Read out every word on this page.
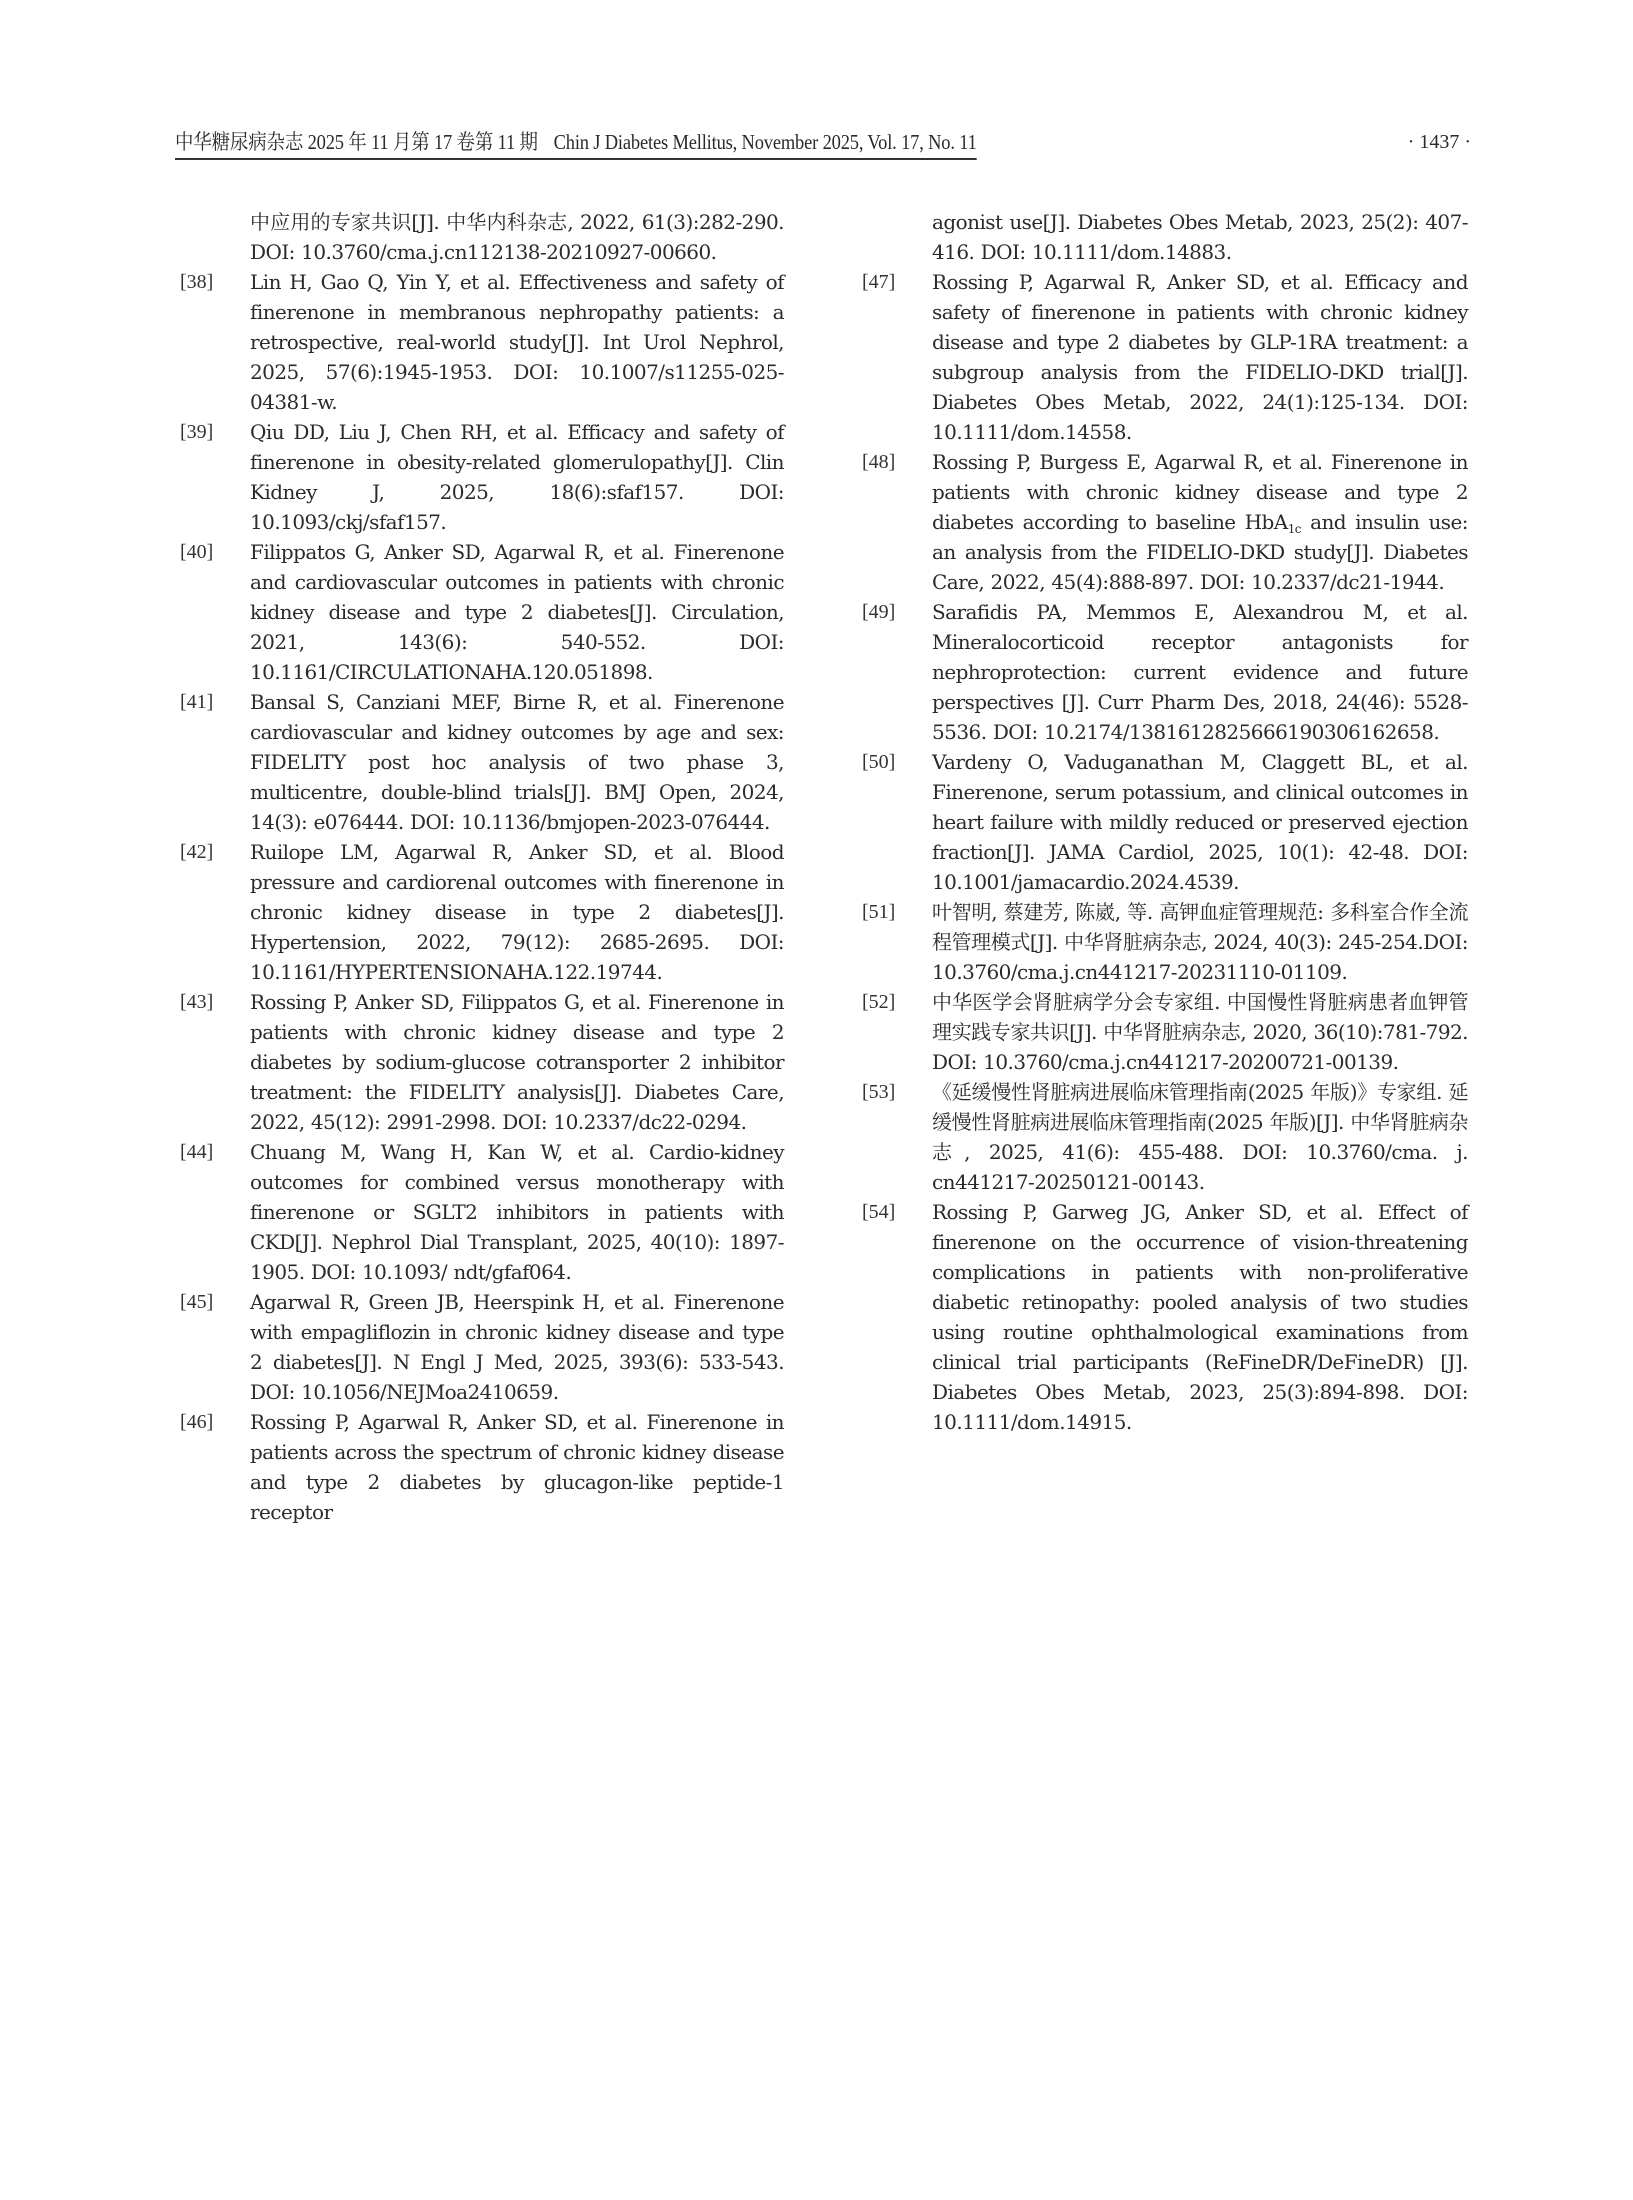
中华糖尿病杂志 2025 年 11 月第 17 卷第 11 期 Chin J Diabetes Mellitus, November 2025, Vol. 17, No. 11	· 1437 ·
中应用的专家共识[J]. 中华内科杂志, 2022, 61(3):282-290. DOI: 10.3760/cma.j.cn112138-20210927-00660.
[38]	Lin H, Gao Q, Yin Y, et al. Effectiveness and safety of finerenone in membranous nephropathy patients: a retrospective, real-world study[J]. Int Urol Nephrol, 2025, 57(6):1945-1953. DOI: 10.1007/s11255-025-04381-w.
[39]	Qiu DD, Liu J, Chen RH, et al. Efficacy and safety of finerenone in obesity-related glomerulopathy[J]. Clin Kidney J, 2025, 18(6):sfaf157. DOI: 10.1093/ckj/sfaf157.
[40]	Filippatos G, Anker SD, Agarwal R, et al. Finerenone and cardiovascular outcomes in patients with chronic kidney disease and type 2 diabetes[J]. Circulation, 2021, 143(6): 540-552. DOI: 10.1161/CIRCULATIONAHA.120.051898.
[41]	Bansal S, Canziani MEF, Birne R, et al. Finerenone cardiovascular and kidney outcomes by age and sex: FIDELITY post hoc analysis of two phase 3, multicentre, double-blind trials[J]. BMJ Open, 2024, 14(3): e076444. DOI: 10.1136/bmjopen-2023-076444.
[42]	Ruilope LM, Agarwal R, Anker SD, et al. Blood pressure and cardiorenal outcomes with finerenone in chronic kidney disease in type 2 diabetes[J]. Hypertension, 2022, 79(12): 2685-2695. DOI: 10.1161/HYPERTENSIONAHA.122.19744.
[43]	Rossing P, Anker SD, Filippatos G, et al. Finerenone in patients with chronic kidney disease and type 2 diabetes by sodium-glucose cotransporter 2 inhibitor treatment: the FIDELITY analysis[J]. Diabetes Care, 2022, 45(12): 2991-2998. DOI: 10.2337/dc22-0294.
[44]	Chuang M, Wang H, Kan W, et al. Cardio-kidney outcomes for combined versus monotherapy with finerenone or SGLT2 inhibitors in patients with CKD[J]. Nephrol Dial Transplant, 2025, 40(10): 1897-1905. DOI: 10.1093/ ndt/gfaf064.
[45]	Agarwal R, Green JB, Heerspink H, et al. Finerenone with empagliflozin in chronic kidney disease and type 2 diabetes[J]. N Engl J Med, 2025, 393(6): 533-543. DOI: 10.1056/NEJMoa2410659.
[46]	Rossing P, Agarwal R, Anker SD, et al. Finerenone in patients across the spectrum of chronic kidney disease and type 2 diabetes by glucagon-like peptide-1 receptor
agonist use[J]. Diabetes Obes Metab, 2023, 25(2): 407-416. DOI: 10.1111/dom.14883.
[47]	Rossing P, Agarwal R, Anker SD, et al. Efficacy and safety of finerenone in patients with chronic kidney disease and type 2 diabetes by GLP-1RA treatment: a subgroup analysis from the FIDELIO-DKD trial[J]. Diabetes Obes Metab, 2022, 24(1):125-134. DOI: 10.1111/dom.14558.
[48]	Rossing P, Burgess E, Agarwal R, et al. Finerenone in patients with chronic kidney disease and type 2 diabetes according to baseline HbA$_{1c}$ and insulin use: an analysis from the FIDELIO-DKD study[J]. Diabetes Care, 2022, 45(4):888-897. DOI: 10.2337/dc21-1944.
[49]	Sarafidis PA, Memmos E, Alexandrou M, et al. Mineralocorticoid receptor antagonists for nephroprotection: current evidence and future perspectives [J]. Curr Pharm Des, 2018, 24(46): 5528-5536. DOI: 10.2174/1381612825666190306162658.
[50]	Vardeny O, Vaduganathan M, Claggett BL, et al. Finerenone, serum potassium, and clinical outcomes in heart failure with mildly reduced or preserved ejection fraction[J]. JAMA Cardiol, 2025, 10(1): 42-48. DOI: 10.1001/jamacardio.2024.4539.
[51]	叶智明, 蔡建芳, 陈崴, 等. 高钾血症管理规范: 多科室合作全流程管理模式[J]. 中华肾脏病杂志, 2024, 40(3): 245-254.DOI: 10.3760/cma.j.cn441217-20231110-01109.
[52]	中华医学会肾脏病学分会专家组. 中国慢性肾脏病患者血钾管理实践专家共识[J]. 中华肾脏病杂志, 2020, 36(10):781-792. DOI: 10.3760/cma.j.cn441217-20200721-00139.
[53]	《延缓慢性肾脏病进展临床管理指南(2025 年版)》专家组. 延缓慢性肾脏病进展临床管理指南(2025 年版)[J]. 中华肾脏病杂志, 2025, 41(6): 455-488. DOI: 10.3760/cma. j. cn441217-20250121-00143.
[54]	Rossing P, Garweg JG, Anker SD, et al. Effect of finerenone on the occurrence of vision-threatening complications in patients with non-proliferative diabetic retinopathy: pooled analysis of two studies using routine ophthalmological examinations from clinical trial participants (ReFineDR/DeFineDR) [J]. Diabetes Obes Metab, 2023, 25(3):894-898. DOI: 10.1111/dom.14915.
